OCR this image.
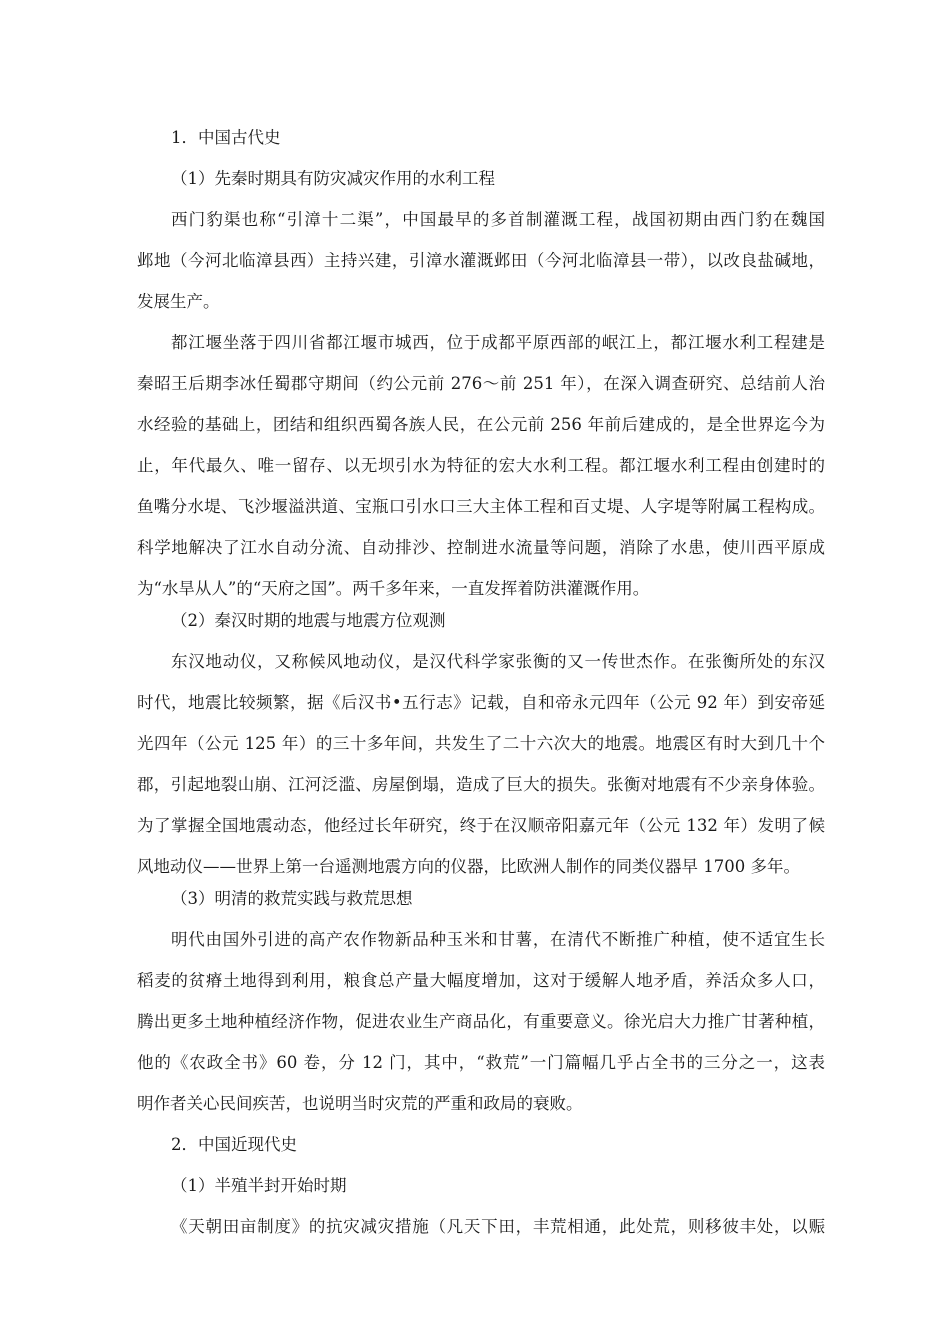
1．中国古代史
（1）先秦时期具有防灾减灾作用的水利工程
西门豹渠也称“引漳十二渠”，中国最早的多首制灌溉工程，战国初期由西门豹在魏国
邺地（今河北临漳县西）主持兴建，引漳水灌溉邺田（今河北临漳县一带），以改良盐碱地，
发展生产。
都江堰坐落于四川省都江堰市城西，位于成都平原西部的岷江上，都江堰水利工程建是
秦昭王后期李冰任蜀郡守期间（约公元前 276～前 251 年），在深入调查研究、总结前人治
水经验的基础上，团结和组织西蜀各族人民，在公元前 256 年前后建成的，是全世界迄今为
止，年代最久、唯一留存、以无坝引水为特征的宏大水利工程。都江堰水利工程由创建时的
鱼嘴分水堤、飞沙堰溢洪道、宝瓶口引水口三大主体工程和百丈堤、人字堤等附属工程构成。
科学地解决了江水自动分流、自动排沙、控制进水流量等问题，消除了水患，使川西平原成
为“水旱从人”的“天府之国”。两千多年来，一直发挥着防洪灌溉作用。
（2）秦汉时期的地震与地震方位观测
东汉地动仪，又称候风地动仪，是汉代科学家张衡的又一传世杰作。在张衡所处的东汉
时代，地震比较频繁，据《后汉书•五行志》记载，自和帝永元四年（公元 92 年）到安帝延
光四年（公元 125 年）的三十多年间，共发生了二十六次大的地震。地震区有时大到几十个
郡，引起地裂山崩、江河泛滥、房屋倒塌，造成了巨大的损失。张衡对地震有不少亲身体验。
为了掌握全国地震动态，他经过长年研究，终于在汉顺帝阳嘉元年（公元 132 年）发明了候
风地动仪——世界上第一台遥测地震方向的仪器，比欧洲人制作的同类仪器早 1700 多年。
（3）明清的救荒实践与救荒思想
明代由国外引进的高产农作物新品种玉米和甘薯，在清代不断推广种植，使不适宜生长
稻麦的贫瘠土地得到利用，粮食总产量大幅度增加，这对于缓解人地矛盾，养活众多人口，
腾出更多土地种植经济作物，促进农业生产商品化，有重要意义。徐光启大力推广甘著种植，
他的《农政全书》60 卷，分 12 门，其中，“救荒”一门篇幅几乎占全书的三分之一，这表
明作者关心民间疾苦，也说明当时灾荒的严重和政局的衰败。
2．中国近现代史
（1）半殖半封开始时期
《天朝田亩制度》的抗灾减灾措施（凡天下田，丰荒相通，此处荒，则移彼丰处，以赈
